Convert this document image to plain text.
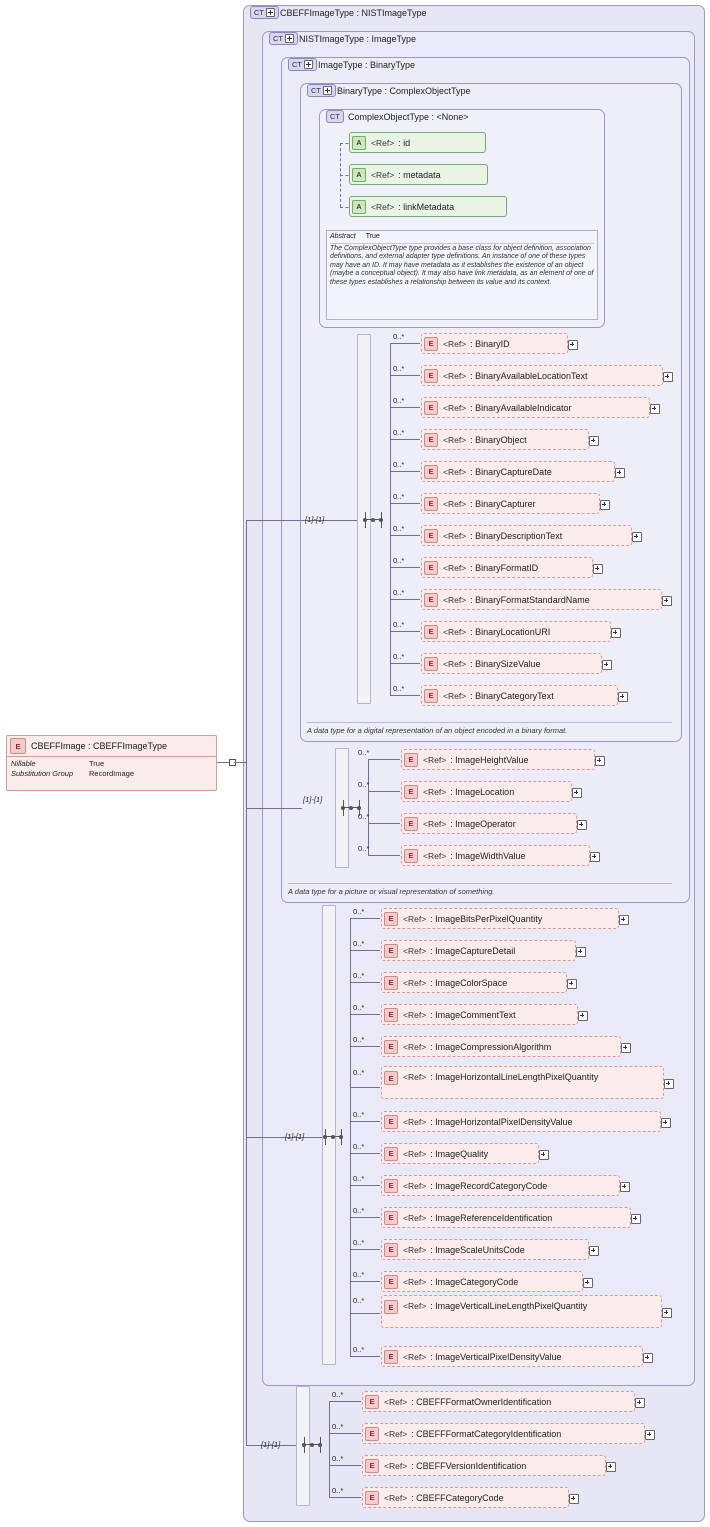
CT CBEFFImageType : NISTImageType
CT NISTImageType : ImageType
CT ImageType : BinaryType
CT BinaryType : ComplexObjectType
CT ComplexObjectType : <None>
E	CBEFFImage : CBEFFImageType
Nillable	True
Substitution Group	RecordImage
A	<Ref> : id
A	<Ref> : metadata
A	<Ref> : linkMetadata
Abstract True
The ComplexObjectType type provides a base class for object definition, association definitions, and external adapter type definitions. An instance of one of these types may have an ID. It may have metadata as it establishes the existence of an object (maybe a conceptual object). It may also have link metadata, as an element of one of these types establishes a relationship between its value and its context.
[1]-[1]
0..*
E	<Ref> : BinaryID
0..*
E	<Ref> : BinaryAvailableLocationText
0..*
E	<Ref> : BinaryAvailableIndicator
0..*
E	<Ref> : BinaryObject
0..*
E	<Ref> : BinaryCaptureDate
0..*
E	<Ref> : BinaryCapturer
0..*
E	<Ref> : BinaryDescriptionText
0..*
E	<Ref> : BinaryFormatID
0..*
E	<Ref> : BinaryFormatStandardName
0..*
E	<Ref> : BinaryLocationURI
0..*
E	<Ref> : BinarySizeValue
0..*
E	<Ref> : BinaryCategoryText
A data type for a digital representation of an object encoded in a binary format.
[1]-[1]
0..*
E	<Ref> : ImageHeightValue
0..*
E	<Ref> : ImageLocation
0..*
E	<Ref> : ImageOperator
0..*
E	<Ref> : ImageWidthValue
A data type for a picture or visual representation of something.
[1]-[1]
0..*
E	<Ref> : ImageBitsPerPixelQuantity
0..*
E	<Ref> : ImageCaptureDetail
0..*
E	<Ref> : ImageColorSpace
0..*
E	<Ref> : ImageCommentText
0..*
E	<Ref> : ImageCompressionAlgorithm
0..*
E	<Ref> : ImageHorizontalLineLengthPixelQuantity
0..*
E	<Ref> : ImageHorizontalPixelDensityValue
0..*
E	<Ref> : ImageQuality
0..*
E	<Ref> : ImageRecordCategoryCode
0..*
E	<Ref> : ImageReferenceIdentification
0..*
E	<Ref> : ImageScaleUnitsCode
0..*
E	<Ref> : ImageCategoryCode
0..*
E	<Ref> : ImageVerticalLineLengthPixelQuantity
0..*
E	<Ref> : ImageVerticalPixelDensityValue
[1]-[1]
0..*
E	<Ref> : CBEFFFormatOwnerIdentification
0..*
E	<Ref> : CBEFFFormatCategoryIdentification
0..*
E	<Ref> : CBEFFVersionIdentification
0..*
E	<Ref> : CBEFFCategoryCode
